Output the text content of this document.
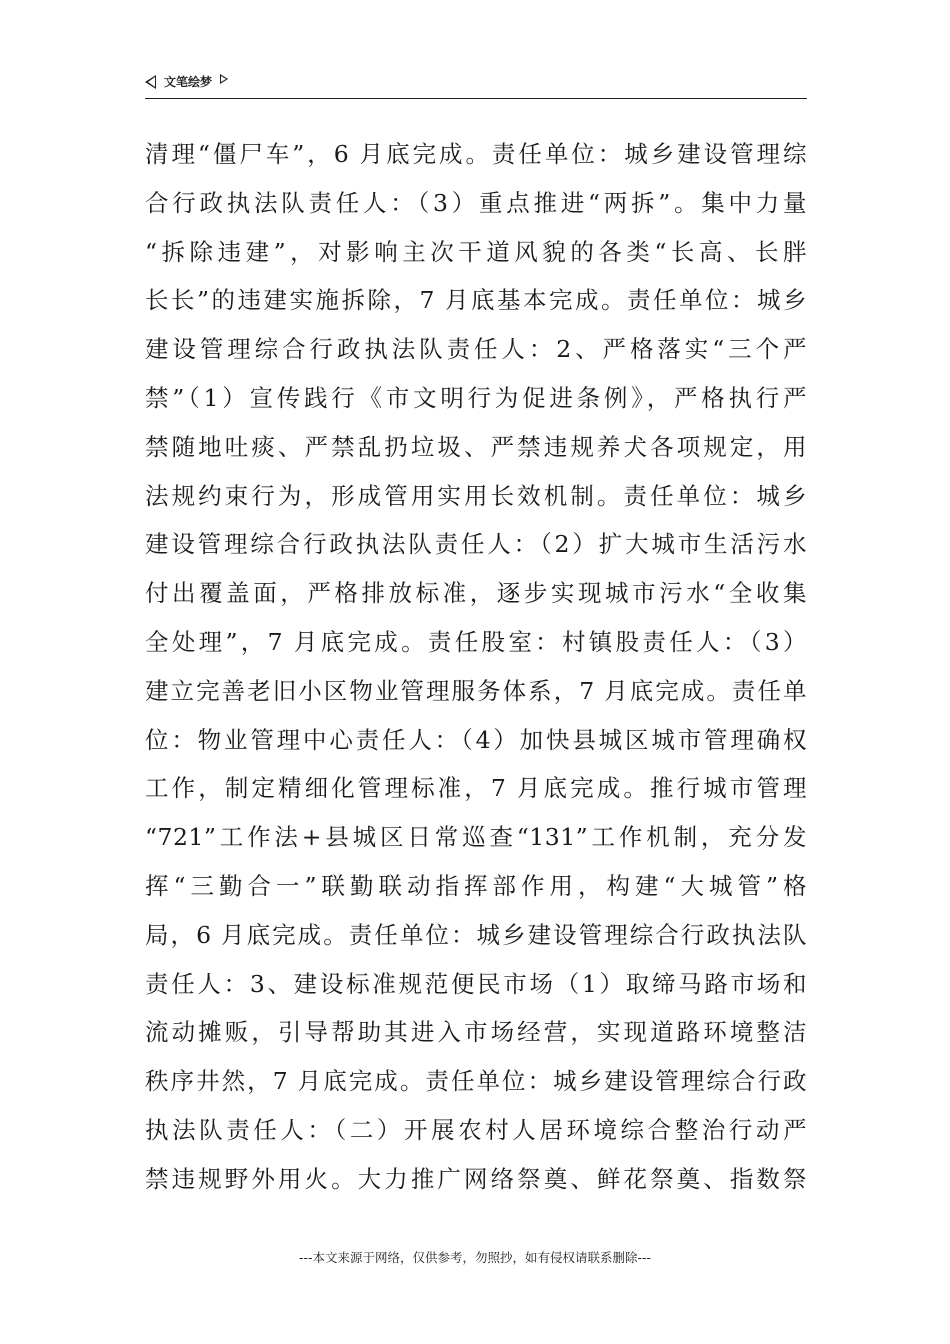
文笔绘梦
清理“僵尸车”，6 月底完成。责任单位：城乡建设管理综
合行政执法队责任人：（3）重点推进“两拆”。集中力量
“拆除违建”，对影响主次干道风貌的各类“长高、长胖
长长”的违建实施拆除，7 月底基本完成。责任单位：城乡
建设管理综合行政执法队责任人：2、严格落实“三个严
禁”（1）宣传践行《市文明行为促进条例》，严格执行严
禁随地吐痰、严禁乱扔垃圾、严禁违规养犬各项规定，用
法规约束行为，形成管用实用长效机制。责任单位：城乡
建设管理综合行政执法队责任人：（2）扩大城市生活污水
付出覆盖面，严格排放标准，逐步实现城市污水“全收集
全处理”，7 月底完成。责任股室：村镇股责任人：（3）
建立完善老旧小区物业管理服务体系，7 月底完成。责任单
位：物业管理中心责任人：（4）加快县城区城市管理确权
工作，制定精细化管理标准，7 月底完成。推行城市管理
“721”工作法+县城区日常巡查“131”工作机制，充分发
挥“三勤合一”联勤联动指挥部作用，构建“大城管”格
局，6 月底完成。责任单位：城乡建设管理综合行政执法队
责任人：3、建设标准规范便民市场（1）取缔马路市场和
流动摊贩，引导帮助其进入市场经营，实现道路环境整洁
秩序井然，7 月底完成。责任单位：城乡建设管理综合行政
执法队责任人：（二）开展农村人居环境综合整治行动严
禁违规野外用火。大力推广网络祭奠、鲜花祭奠、指数祭
---本文来源于网络，仅供参考，勿照抄，如有侵权请联系删除---
